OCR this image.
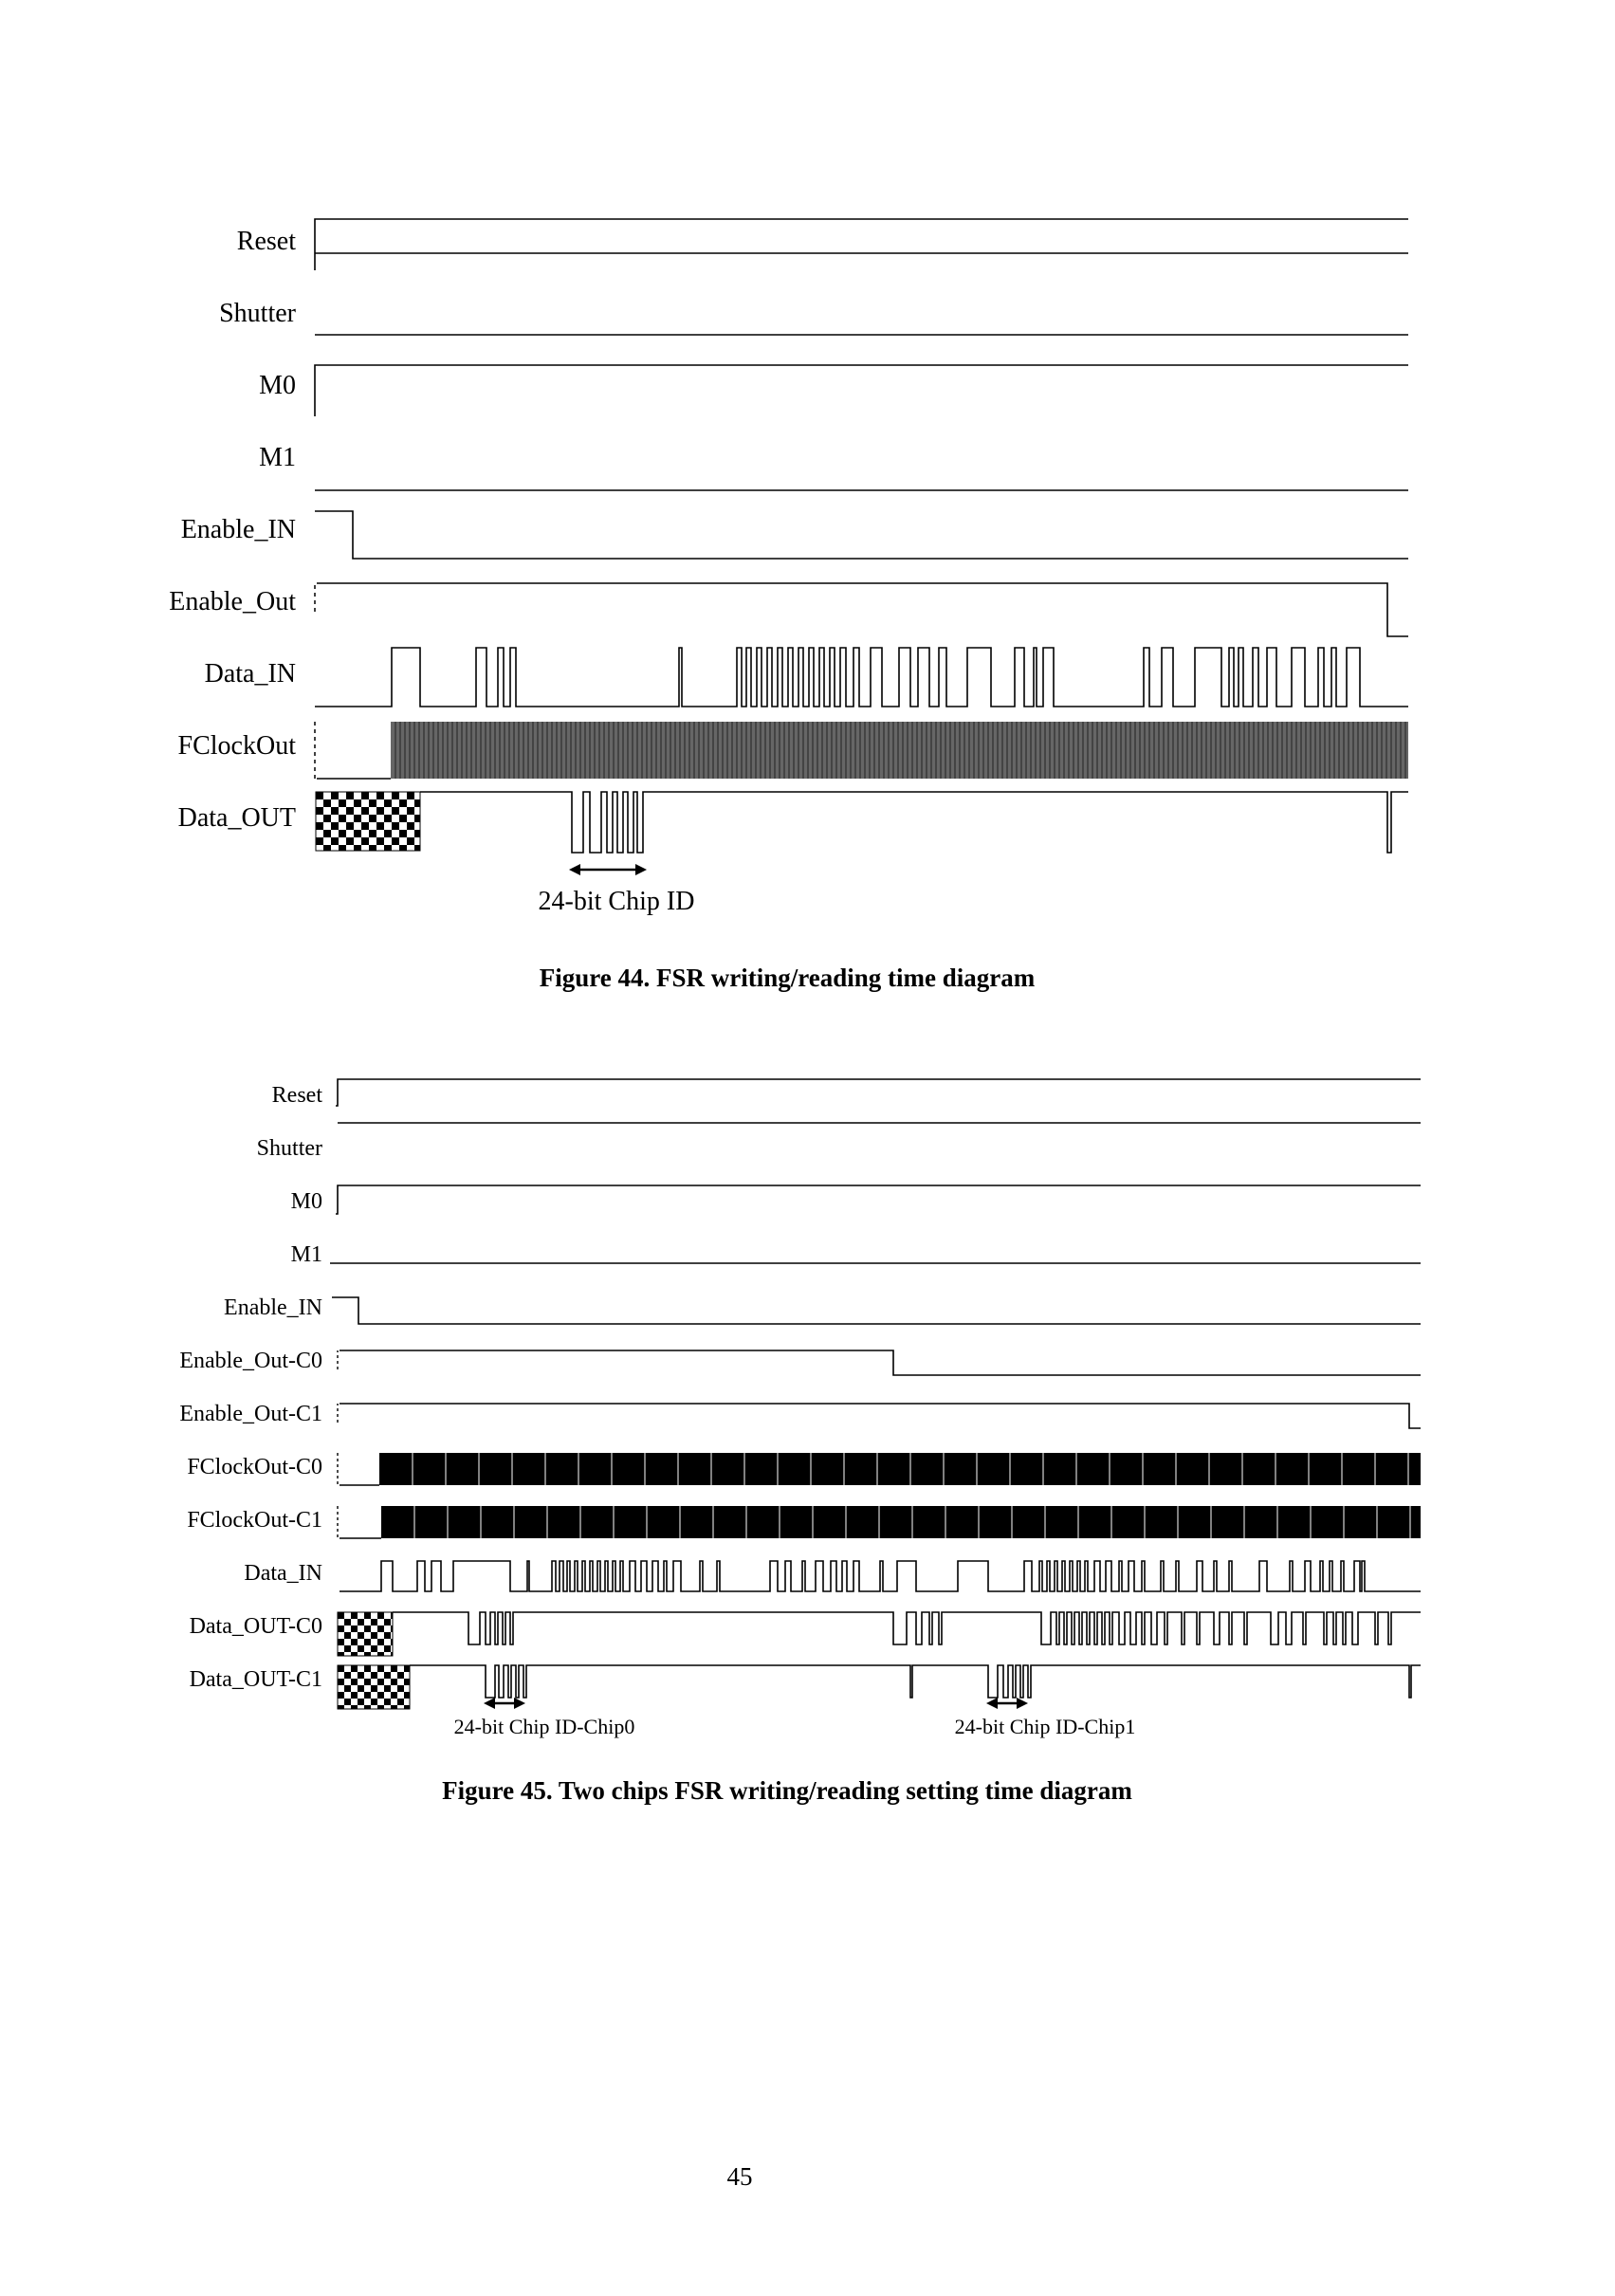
Reset
Shutter
M0
M1
Enable_IN
Enable_Out
Data_IN
FClockOut
Data_OUT
24-bit Chip ID
Figure 44. FSR writing/reading time diagram
Reset
Shutter
M0
M1
Enable_IN
Enable_Out-C0
Enable_Out-C1
FClockOut-C0
FClockOut-C1
Data_IN
Data_OUT-C0
Data_OUT-C1
24-bit Chip ID-Chip0	24-bit Chip ID-Chip1
Figure 45. Two chips FSR writing/reading setting time diagram
45
